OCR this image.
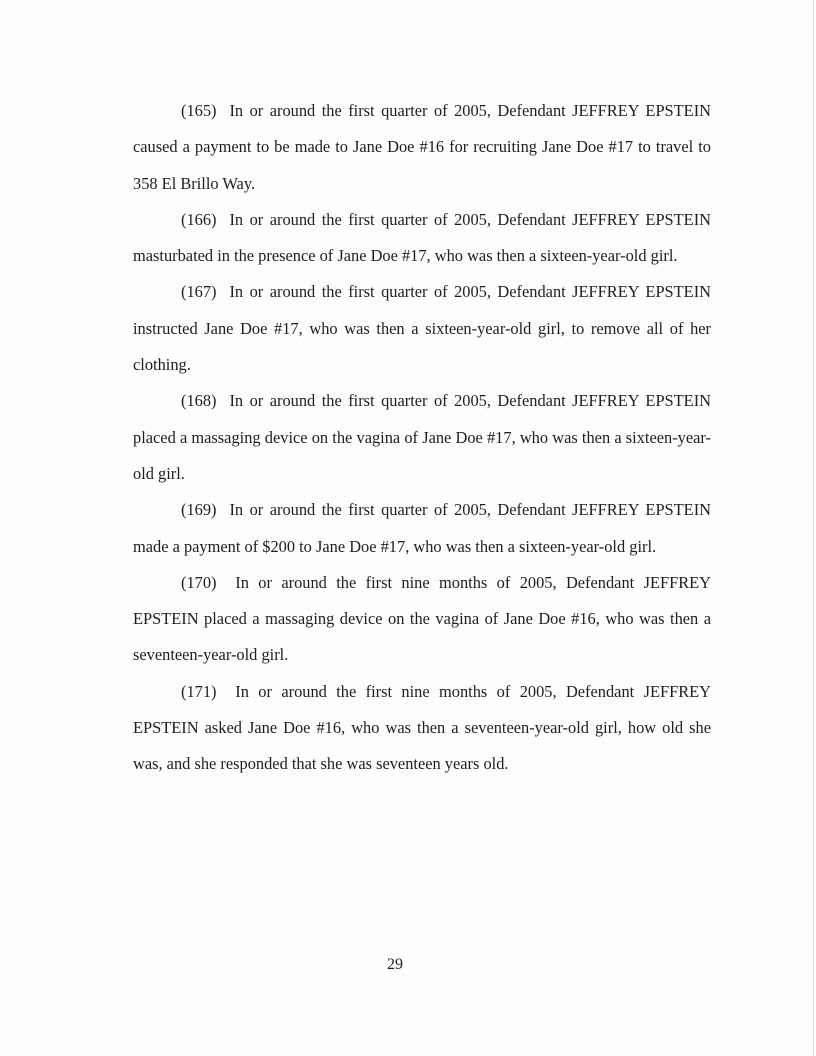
(165) In or around the first quarter of 2005, Defendant JEFFREY EPSTEIN caused a payment to be made to Jane Doe #16 for recruiting Jane Doe #17 to travel to 358 El Brillo Way.

(166) In or around the first quarter of 2005, Defendant JEFFREY EPSTEIN masturbated in the presence of Jane Doe #17, who was then a sixteen-year-old girl.

(167) In or around the first quarter of 2005, Defendant JEFFREY EPSTEIN instructed Jane Doe #17, who was then a sixteen-year-old girl, to remove all of her clothing.

(168) In or around the first quarter of 2005, Defendant JEFFREY EPSTEIN placed a massaging device on the vagina of Jane Doe #17, who was then a sixteen-year-old girl.

(169) In or around the first quarter of 2005, Defendant JEFFREY EPSTEIN made a payment of $200 to Jane Doe #17, who was then a sixteen-year-old girl.

(170) In or around the first nine months of 2005, Defendant JEFFREY EPSTEIN placed a massaging device on the vagina of Jane Doe #16, who was then a seventeen-year-old girl.

(171) In or around the first nine months of 2005, Defendant JEFFREY EPSTEIN asked Jane Doe #16, who was then a seventeen-year-old girl, how old she was, and she responded that she was seventeen years old.

29
